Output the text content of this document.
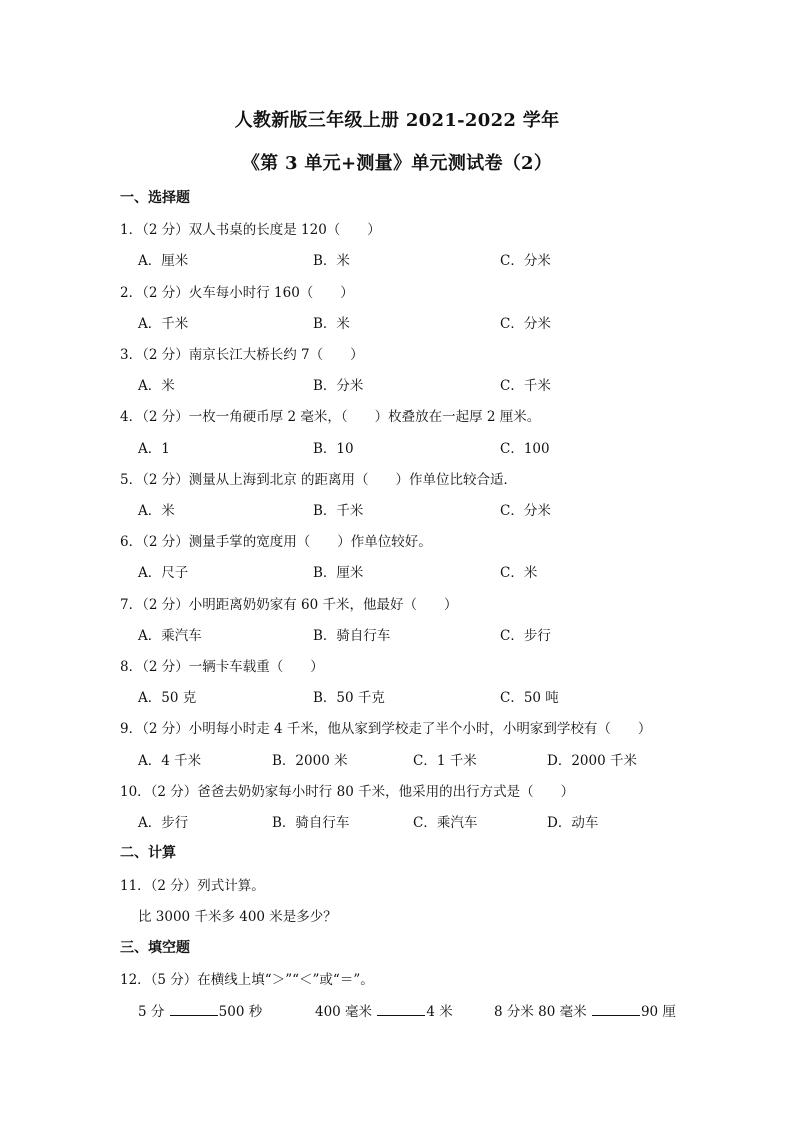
人教新版三年级上册 2021-2022 学年
《第 3 单元+测量》单元测试卷（2）
一、选择题
1．（2 分）双人书桌的长度是 120（　　）
A．厘米	B．米	C．分米
2．（2 分）火车每小时行 160（　　）
A．千米	B．米	C．分米
3．（2 分）南京长江大桥长约 7（　　）
A．米	B．分米	C．千米
4．（2 分）一枚一角硬币厚 2 毫米，（　　）枚叠放在一起厚 2 厘米。
A．1	B．10	C．100
5．（2 分）测量从上海到北京 的距离用（　　）作单位比较合适．
A．米	B．千米	C．分米
6．（2 分）测量手掌的宽度用（　　）作单位较好。
A．尺子	B．厘米	C．米
7．（2 分）小明距离奶奶家有 60 千米，他最好（　　）
A．乘汽车	B．骑自行车	C．步行
8．（2 分）一辆卡车载重（　　）
A．50 克	B．50 千克	C．50 吨
9．（2 分）小明每小时走 4 千米，他从家到学校走了半个小时，小明家到学校有（　　）
A．4 千米	B．2000 米	C．1 千米	D．2000 千米
10．（2 分）爸爸去奶奶家每小时行 80 千米，他采用的出行方式是（　　）
A．步行	B．骑自行车	C．乘汽车	D．动车
二、计算
11．（2 分）列式计算。
比 3000 千米多 400 米是多少？
三、填空题
12．（5 分）在横线上填“＞”“＜”或“＝”。
5 分	500 秒	400 毫米	4 米	8 分米 80 毫米	90 厘
